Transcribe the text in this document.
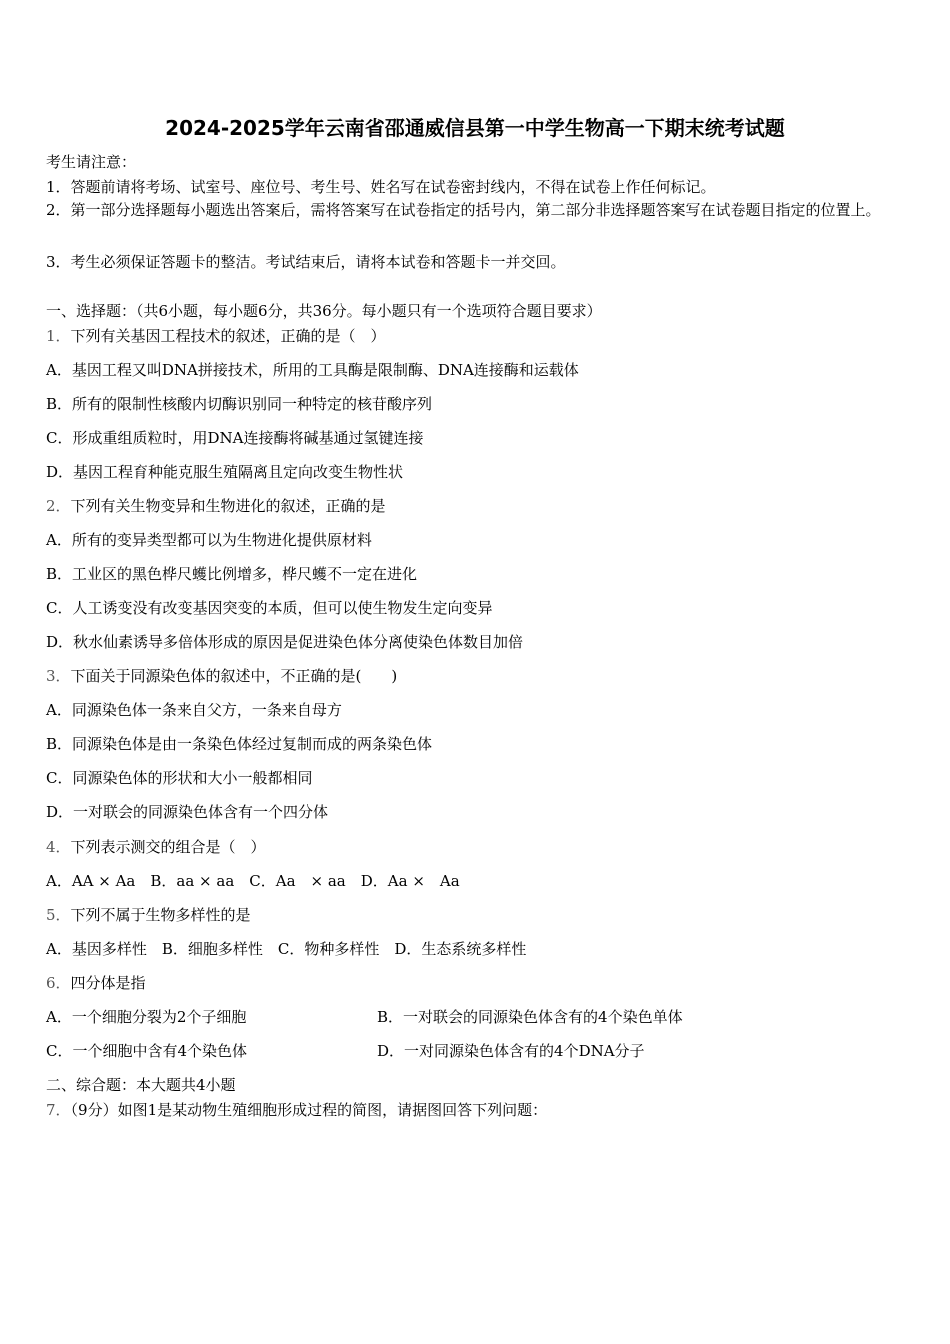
2024-2025学年云南省邵通威信县第一中学生物高一下期末统考试题
考生请注意：
1．答题前请将考场、试室号、座位号、考生号、姓名写在试卷密封线内，不得在试卷上作任何标记。
2．第一部分选择题每小题选出答案后，需将答案写在试卷指定的括号内，第二部分非选择题答案写在试卷题目指定的位置上。
3．考生必须保证答题卡的整洁。考试结束后，请将本试卷和答题卡一并交回。
一、选择题：（共6小题，每小题6分，共36分。每小题只有一个选项符合题目要求）
1．下列有关基因工程技术的叙述，正确的是（　）
A．基因工程又叫DNA拼接技术，所用的工具酶是限制酶、DNA连接酶和运载体
B．所有的限制性核酸内切酶识别同一种特定的核苷酸序列
C．形成重组质粒时，用DNA连接酶将碱基通过氢键连接
D．基因工程育种能克服生殖隔离且定向改变生物性状
2．下列有关生物变异和生物进化的叙述，正确的是
A．所有的变异类型都可以为生物进化提供原材料
B．工业区的黑色桦尺蠖比例增多，桦尺蠖不一定在进化
C．人工诱变没有改变基因突变的本质，但可以使生物发生定向变异
D．秋水仙素诱导多倍体形成的原因是促进染色体分离使染色体数目加倍
3．下面关于同源染色体的叙述中，不正确的是(　　)
A．同源染色体一条来自父方，一条来自母方
B．同源染色体是由一条染色体经过复制而成的两条染色体
C．同源染色体的形状和大小一般都相同
D．一对联会的同源染色体含有一个四分体
4．下列表示测交的组合是（　）
A．AA × Aa　B．aa × aa　C．Aa　× aa　D．Aa ×　Aa
5．下列不属于生物多样性的是
A．基因多样性　B．细胞多样性　C．物种多样性　D．生态系统多样性
6．四分体是指
A．一个细胞分裂为2个子细胞	B．一对联会的同源染色体含有的4个染色单体
C．一个细胞中含有4个染色体	D．一对同源染色体含有的4个DNA分子
二、综合题：本大题共4小题
7．（9分）如图1是某动物生殖细胞形成过程的简图，请据图回答下列问题：
